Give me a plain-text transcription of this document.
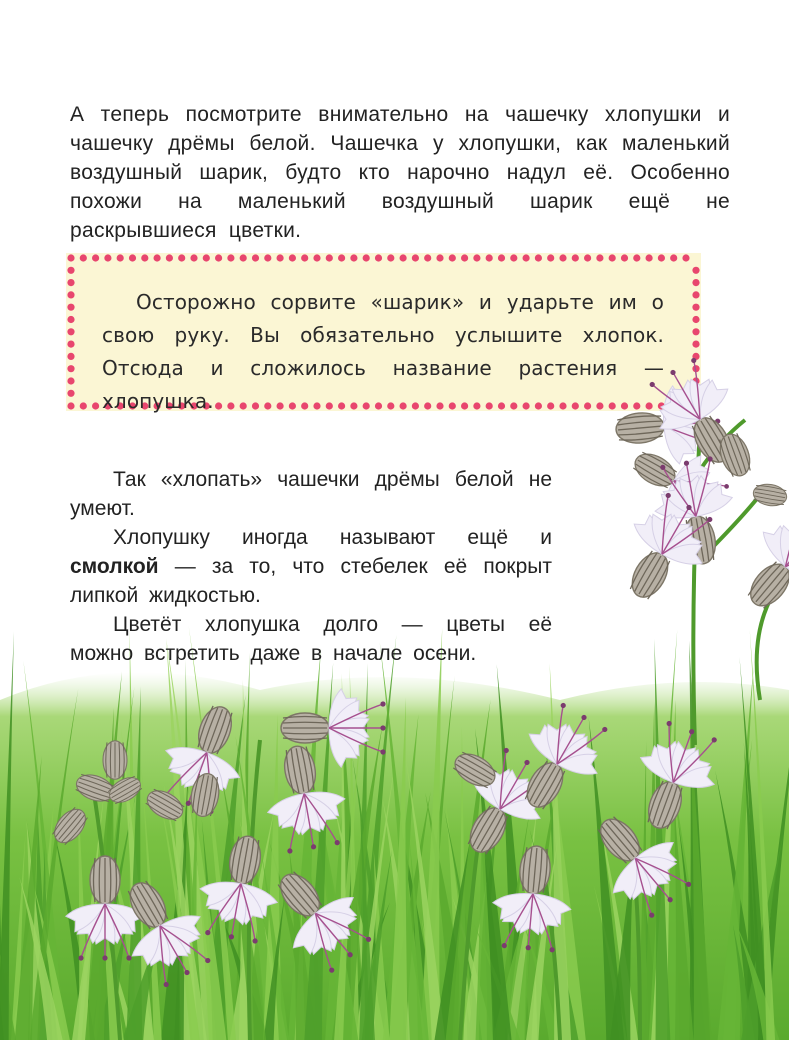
А теперь посмотрите внимательно на чашечку хлопушки и чашечку дрёмы белой. Чашечка у хлопушки, как маленький воздушный шарик, будто кто нарочно надул её. Особенно похожи на маленький воздушный шарик ещё не раскрывшиеся цветки.
Осторожно сорвите «шарик» и ударьте им о свою руку. Вы обязательно услышите хлопок. Отсюда и сложилось название растения — хлопушка.

Так «хлопать» чашечки дрёмы белой не умеют.

Хлопушку иногда называют ещё и смолкой — за то, что стебелек её покрыт липкой жидкостью.

Цветёт хлопушка долго — цветы её можно встретить даже в начале осени.
